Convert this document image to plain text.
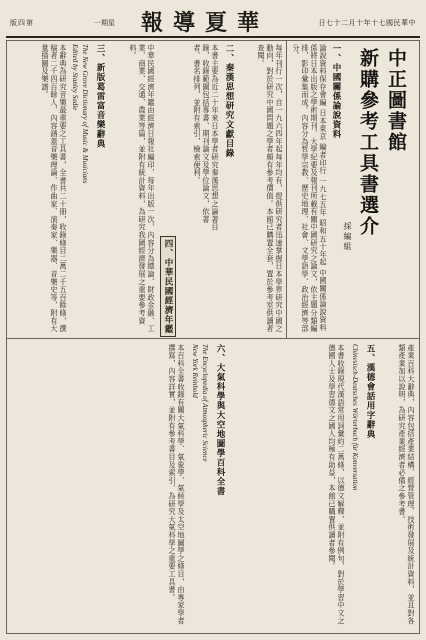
版四第	一期星 報導夏華	日七十二月十年十七國民華中
中正圖書館
新購參考工具書選介
採編組
一、中國關係論說資料
論說資料保存會編 日本東京 編者印行 一九七五年 昭和五十年起 中國關係論說資料係將日本出版之學術期刊、大學紀要及報刊所載有關中國研究之論文，依主題分類編排，影印彙集而成。內容分為哲學宗教、歷史地理、社會、文學語學、政治經濟等部分。
每年刊行一次，自一九六四年起每年均有，提供研究者迅速掌握日本學界研究中國之動向，對於研究中國問題之學者頗有參考價值。本館已購置全套，置於參考室供讀者查閱。
二、秦漢思想研究文獻目錄
本書主要為近二十年來日本學者研究秦漢思想之論著目錄，收錄範圍包括專書、期刊論文及學位論文，依著者、書名排列，並附有索引，檢索便利。
四、中華民國經濟年鑑
中華民國經濟年鑑由經濟日報社編印，每年出版一次，內容分為總論、財政金融、工業、商業、交通、農業等篇，並附有統計資料，為研究我國經濟發展之重要參考資料。
三、新版葛雷富音樂辭典
The New Grove Dictionary of Music & Musicians
Edited by Stanley Sadie
本辭典為研究音樂最重要之工具書，全書共二十冊，收錄條目二萬二千五百餘條，撰稿者二千四百餘人，內容涵蓋音樂理論、作曲家、演奏家、樂器、音樂史等，附有大量插圖及樂譜。
產業百科大辭典，內容包括產業結構、經營管理、技術發展及統計資料，並且對各類產業加以說明，為研究產業經濟者必備之參考書。
五、漢德會話用字辭典
Chinesisch-Deutsches Wörterbuch für Konversation
本書收錄現代漢語常用詞彙約二萬條，以德文解釋，並附有例句，對於學習中文之德國人士及學習德文之國人均極有助益，本館已購置供讀者參閱。
六、大氣科學與大空地圖學百科全書
The Encyclopedia of Atmospheric Science
New York Reinhold
本百科全書收錄有關大氣科學、氣象學、氣候學及太空地圖學之條目，由專家學者撰寫，內容詳實，並附有參考書目及索引，為研究大氣科學之重要工具書。
